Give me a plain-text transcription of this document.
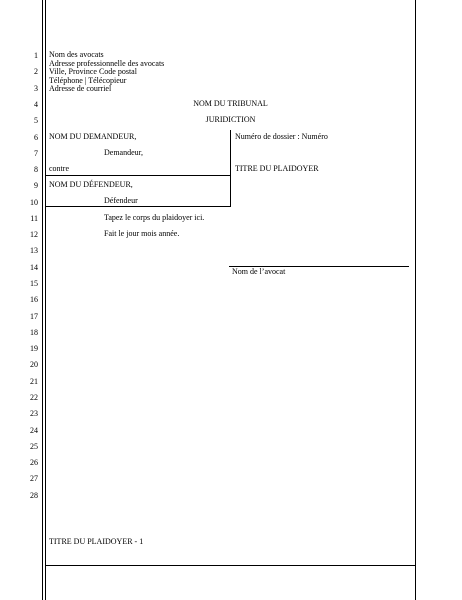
1
2
3
4
5
6
7
8
9
10
11
12
13
14
15
16
17
18
19
20
21
22
23
24
25
26
27
28
Nom des avocats
Adresse professionnelle des avocats
Ville, Province Code postal
Téléphone | Télécopieur
Adresse de courriel
NOM DU TRIBUNAL
JURIDICTION
NOM DU DEMANDEUR,
Demandeur,
contre
NOM DU DÉFENDEUR,
Défendeur
Numéro de dossier : Numéro
TITRE DU PLAIDOYER
Tapez le corps du plaidoyer ici.
Fait le jour mois année.
Nom de l’avocat
TITRE DU PLAIDOYER - 1
